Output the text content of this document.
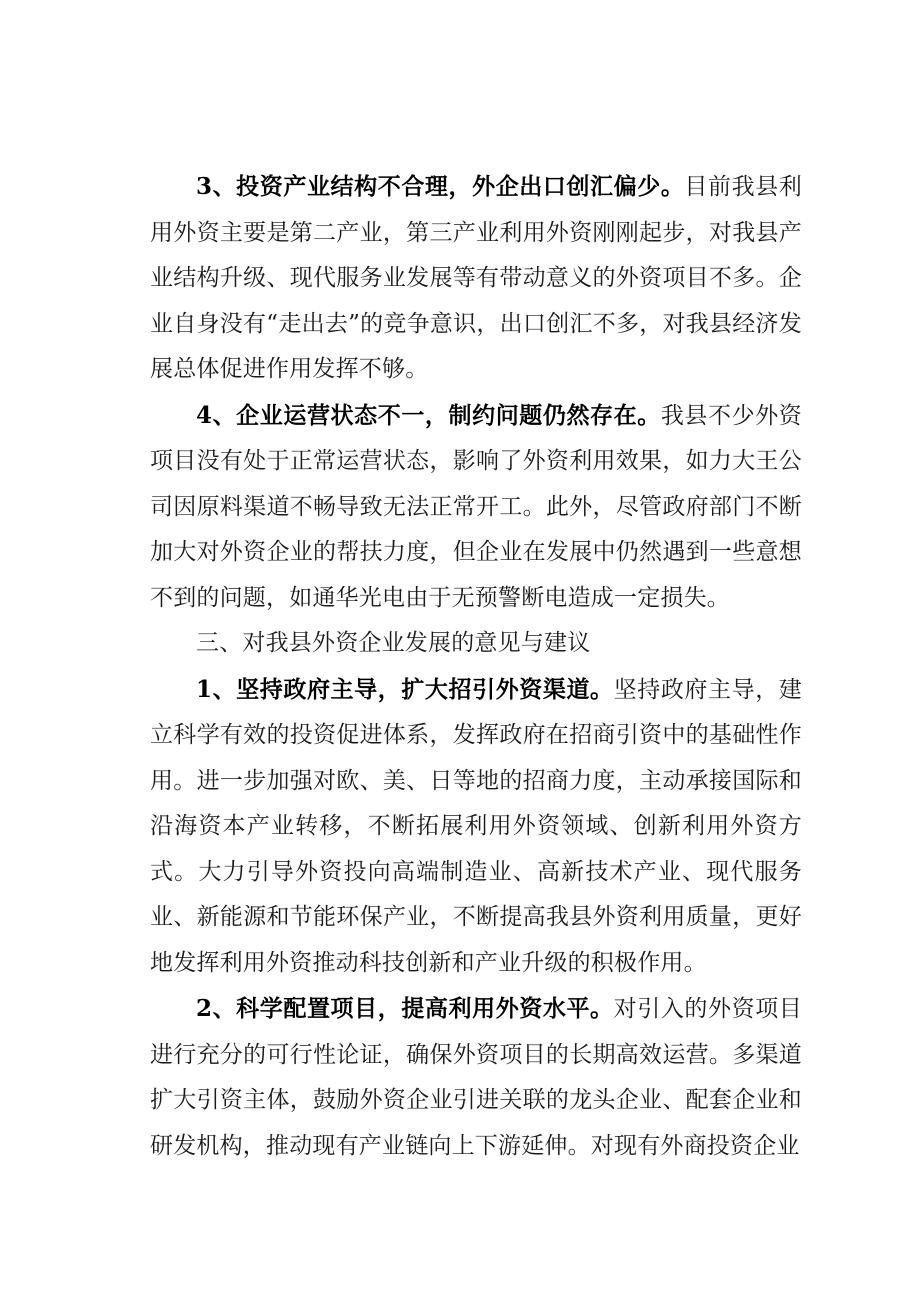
3、投资产业结构不合理，外企出口创汇偏少。目前我县利用外资主要是第二产业，第三产业利用外资刚刚起步，对我县产业结构升级、现代服务业发展等有带动意义的外资项目不多。企业自身没有“走出去”的竞争意识，出口创汇不多，对我县经济发展总体促进作用发挥不够。

4、企业运营状态不一，制约问题仍然存在。我县不少外资项目没有处于正常运营状态，影响了外资利用效果，如力大王公司因原料渠道不畅导致无法正常开工。此外，尽管政府部门不断加大对外资企业的帮扶力度，但企业在发展中仍然遇到一些意想不到的问题，如通华光电由于无预警断电造成一定损失。

三、对我县外资企业发展的意见与建议

1、坚持政府主导，扩大招引外资渠道。坚持政府主导，建立科学有效的投资促进体系，发挥政府在招商引资中的基础性作用。进一步加强对欧、美、日等地的招商力度，主动承接国际和沿海资本产业转移，不断拓展利用外资领域、创新利用外资方式。大力引导外资投向高端制造业、高新技术产业、现代服务业、新能源和节能环保产业，不断提高我县外资利用质量，更好地发挥利用外资推动科技创新和产业升级的积极作用。

2、科学配置项目，提高利用外资水平。对引入的外资项目进行充分的可行性论证，确保外资项目的长期高效运营。多渠道扩大引资主体，鼓励外资企业引进关联的龙头企业、配套企业和研发机构，推动现有产业链向上下游延伸。对现有外商投资企业
